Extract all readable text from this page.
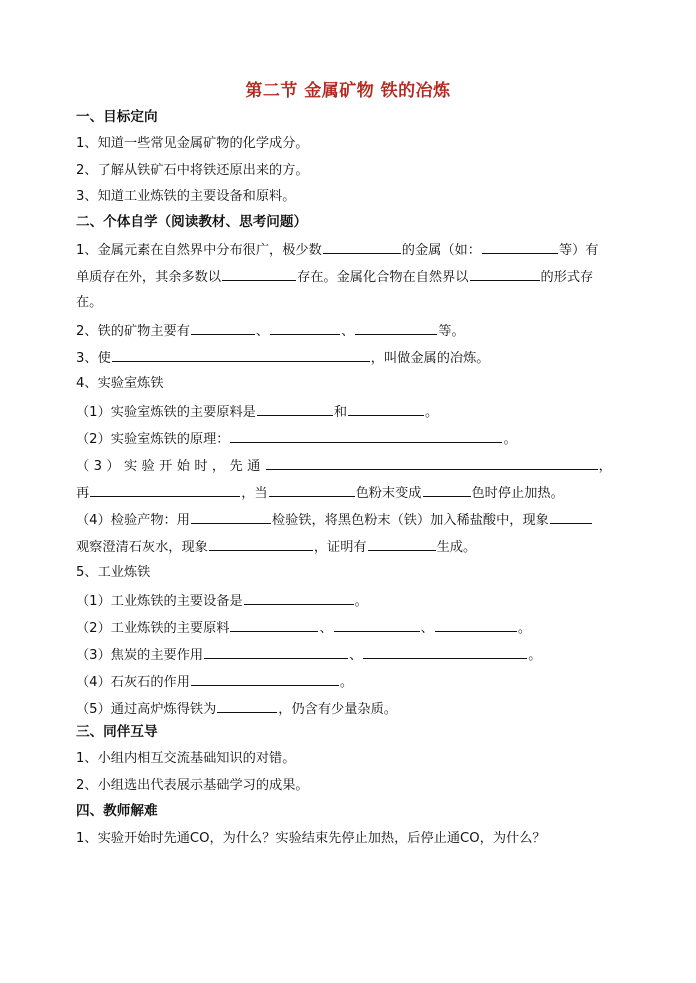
第二节 金属矿物 铁的冶炼
一、目标定向
1、知道一些常见金属矿物的化学成分。
2、了解从铁矿石中将铁还原出来的方。
3、知道工业炼铁的主要设备和原料。
二、个体自学（阅读教材、思考问题）
1、金属元素在自然界中分布很广，极少数	的金属（如：	等）有
单质存在外，其余多数以	存在。金属化合物在自然界以	的形式存
在。
2、铁的矿物主要有	、	、	等。
3、使	，叫做金属的冶炼。
4、实验室炼铁
（1）实验室炼铁的主要原料是	和	。
（2）实验室炼铁的原理：	。
（3）实验开始时，先通	，
再	，当	色粉末变成	色时停止加热。
（4）检验产物：用	检验铁，将黑色粉末（铁）加入稀盐酸中，现象
观察澄清石灰水，现象	，证明有	生成。
5、工业炼铁
（1）工业炼铁的主要设备是	。
（2）工业炼铁的主要原料	、	、	。
（3）焦炭的主要作用	、	。
（4）石灰石的作用	。
（5）通过高炉炼得铁为	，仍含有少量杂质。
三、同伴互导
1、小组内相互交流基础知识的对错。
2、小组选出代表展示基础学习的成果。
四、教师解难
1、实验开始时先通CO，为什么？实验结束先停止加热，后停止通CO，为什么？
